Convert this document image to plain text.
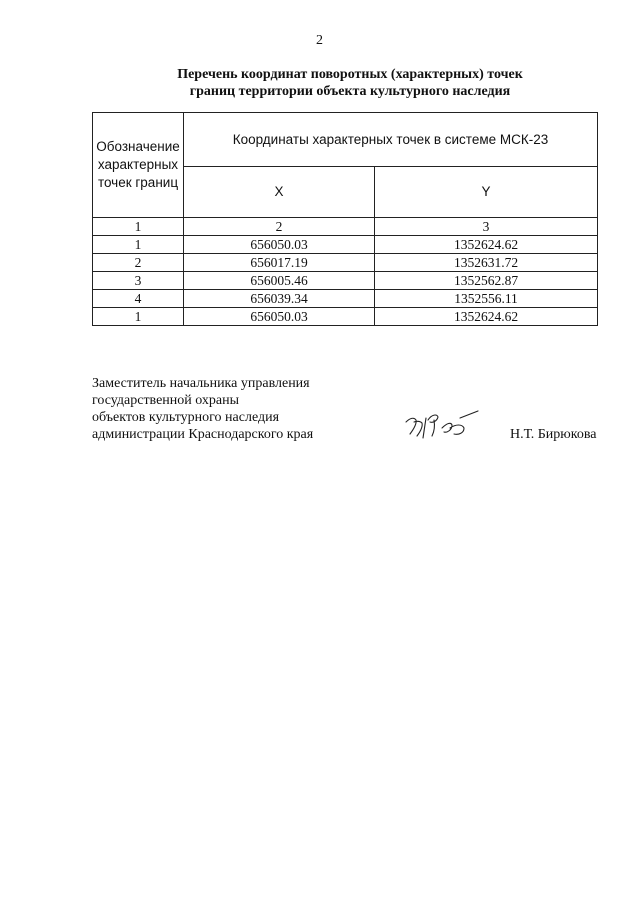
2
Перечень координат поворотных (характерных) точек
границ территории объекта культурного наследия
Обозначение
характерных
точек границ	Координаты характерных точек в системе МСК-23	
	X	Y
1	2	3
1	656050.03	1352624.62
2	656017.19	1352631.72
3	656005.46	1352562.87
4	656039.34	1352556.11
1	656050.03	1352624.62
Заместитель начальника управления
государственной охраны
объектов культурного наследия
администрации Краснодарского края	Н.Т. Бирюкова
